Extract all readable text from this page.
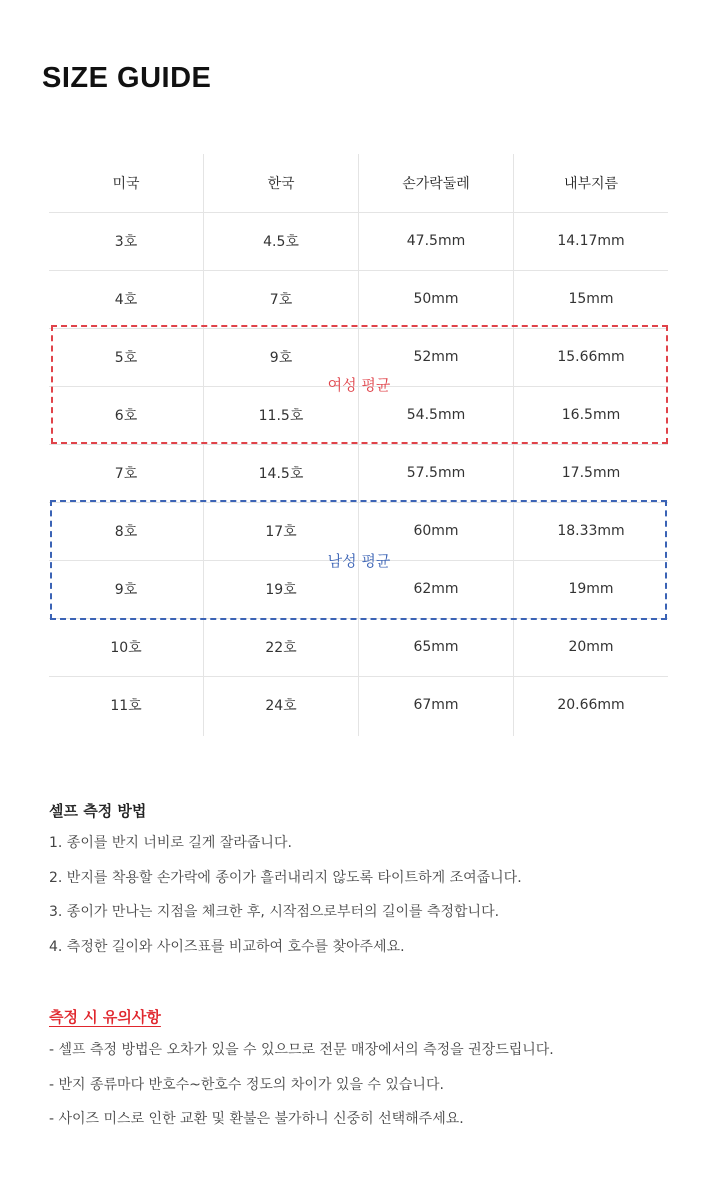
SIZE GUIDE
미국	한국	손가락둘레	내부지름
3호	4.5호	47.5mm	14.17mm
4호	7호	50mm	15mm
5호	9호	52mm	15.66mm
6호	11.5호	54.5mm	16.5mm
7호	14.5호	57.5mm	17.5mm
8호	17호	60mm	18.33mm
9호	19호	62mm	19mm
10호	22호	65mm	20mm
11호	24호	67mm	20.66mm
여성 평균
남성 평균
셀프 측정 방법
1. 종이를 반지 너비로 길게 잘라줍니다.
2. 반지를 착용할 손가락에 종이가 흘러내리지 않도록 타이트하게 조여줍니다.
3. 종이가 만나는 지점을 체크한 후, 시작점으로부터의 길이를 측정합니다.
4. 측정한 길이와 사이즈표를 비교하여 호수를 찾아주세요.
측정 시 유의사항
- 셀프 측정 방법은 오차가 있을 수 있으므로 전문 매장에서의 측정을 권장드립니다.
- 반지 종류마다 반호수~한호수 정도의 차이가 있을 수 있습니다.
- 사이즈 미스로 인한 교환 및 환불은 불가하니 신중히 선택해주세요.
